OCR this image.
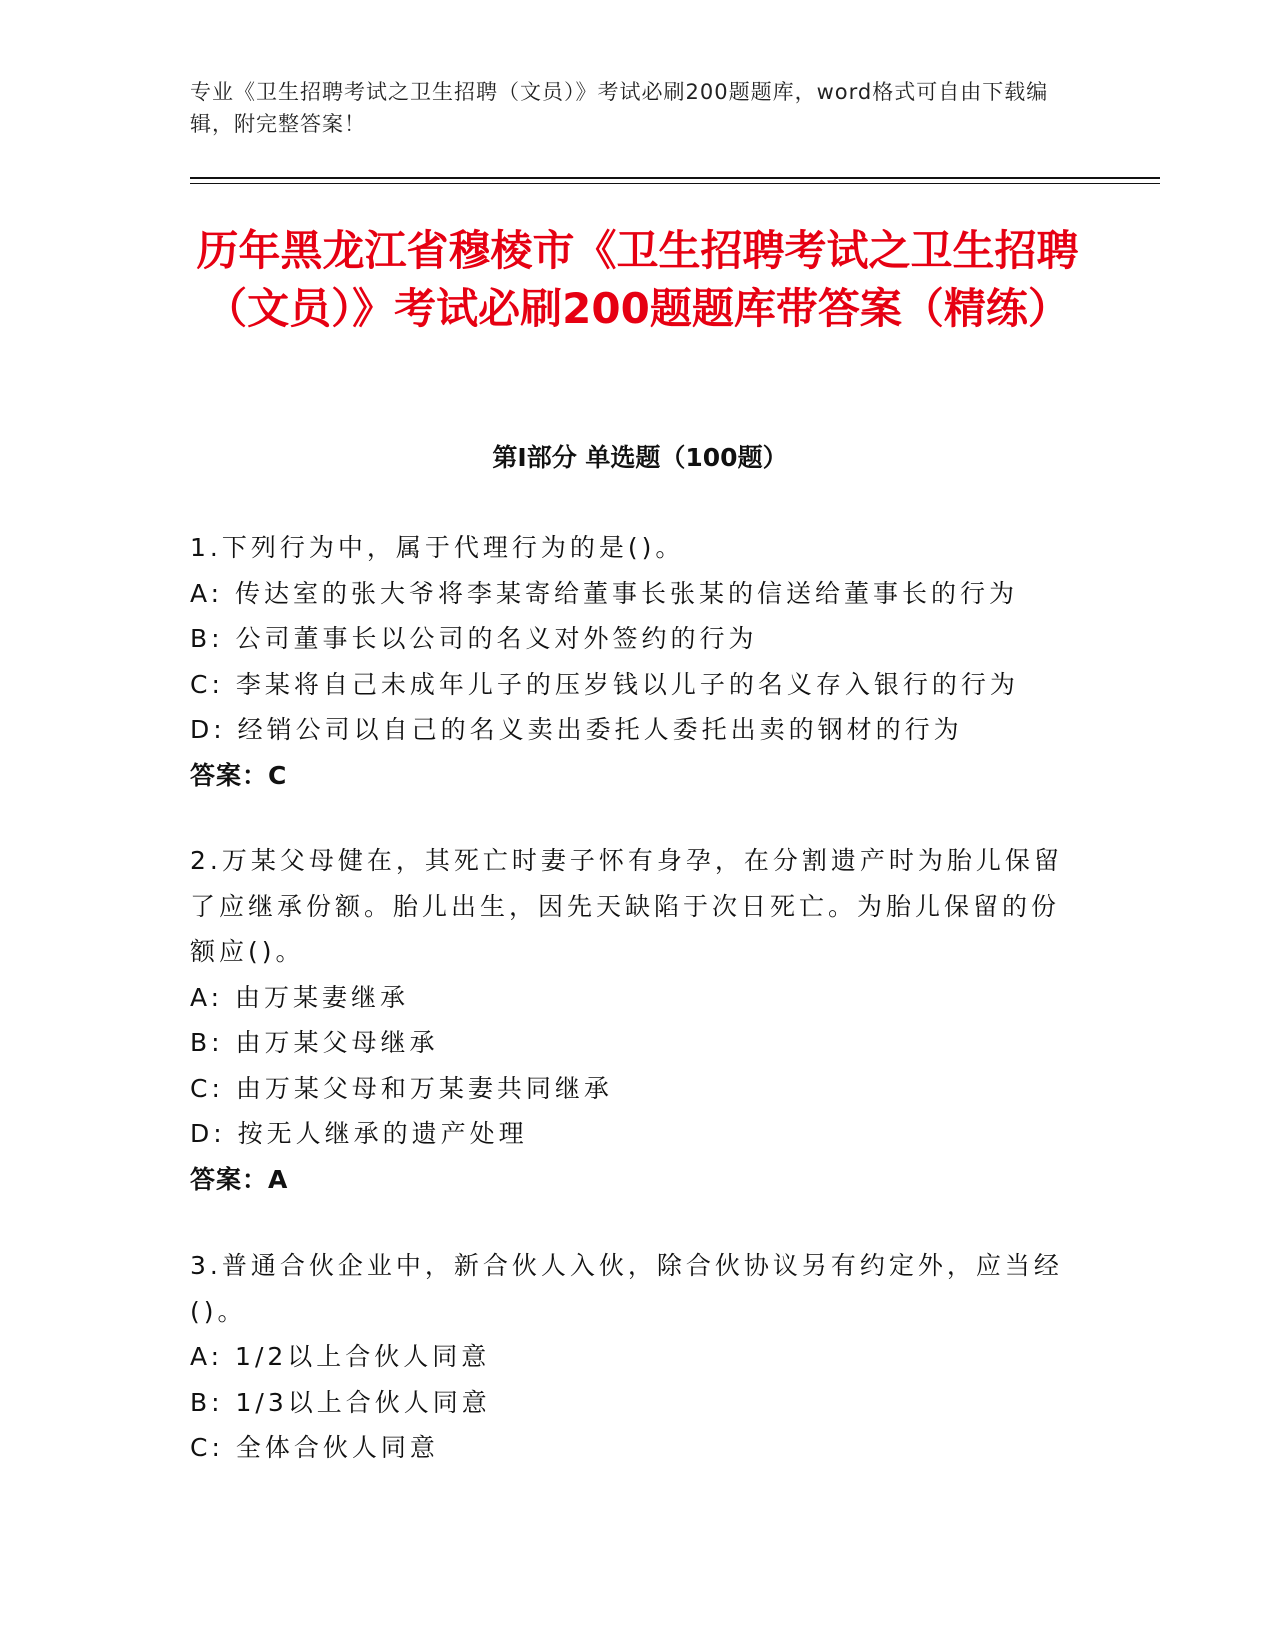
专业《卫生招聘考试之卫生招聘（文员）》考试必刷200题题库，word格式可自由下载编辑，附完整答案！
历年黑龙江省穆棱市《卫生招聘考试之卫生招聘（文员）》考试必刷200题题库带答案（精练）
第Ⅰ部分 单选题（100题）

1.下列行为中，属于代理行为的是()。

A: 传达室的张大爷将李某寄给董事长张某的信送给董事长的行为

B: 公司董事长以公司的名义对外签约的行为

C: 李某将自己未成年儿子的压岁钱以儿子的名义存入银行的行为

D: 经销公司以自己的名义卖出委托人委托出卖的钢材的行为

答案：C

2.万某父母健在，其死亡时妻子怀有身孕，在分割遗产时为胎儿保留了应继承份额。胎儿出生，因先天缺陷于次日死亡。为胎儿保留的份额应()。

A: 由万某妻继承

B: 由万某父母继承

C: 由万某父母和万某妻共同继承

D: 按无人继承的遗产处理

答案：A

3.普通合伙企业中，新合伙人入伙，除合伙协议另有约定外，应当经()。

A: 1/2以上合伙人同意

B: 1/3以上合伙人同意

C: 全体合伙人同意
